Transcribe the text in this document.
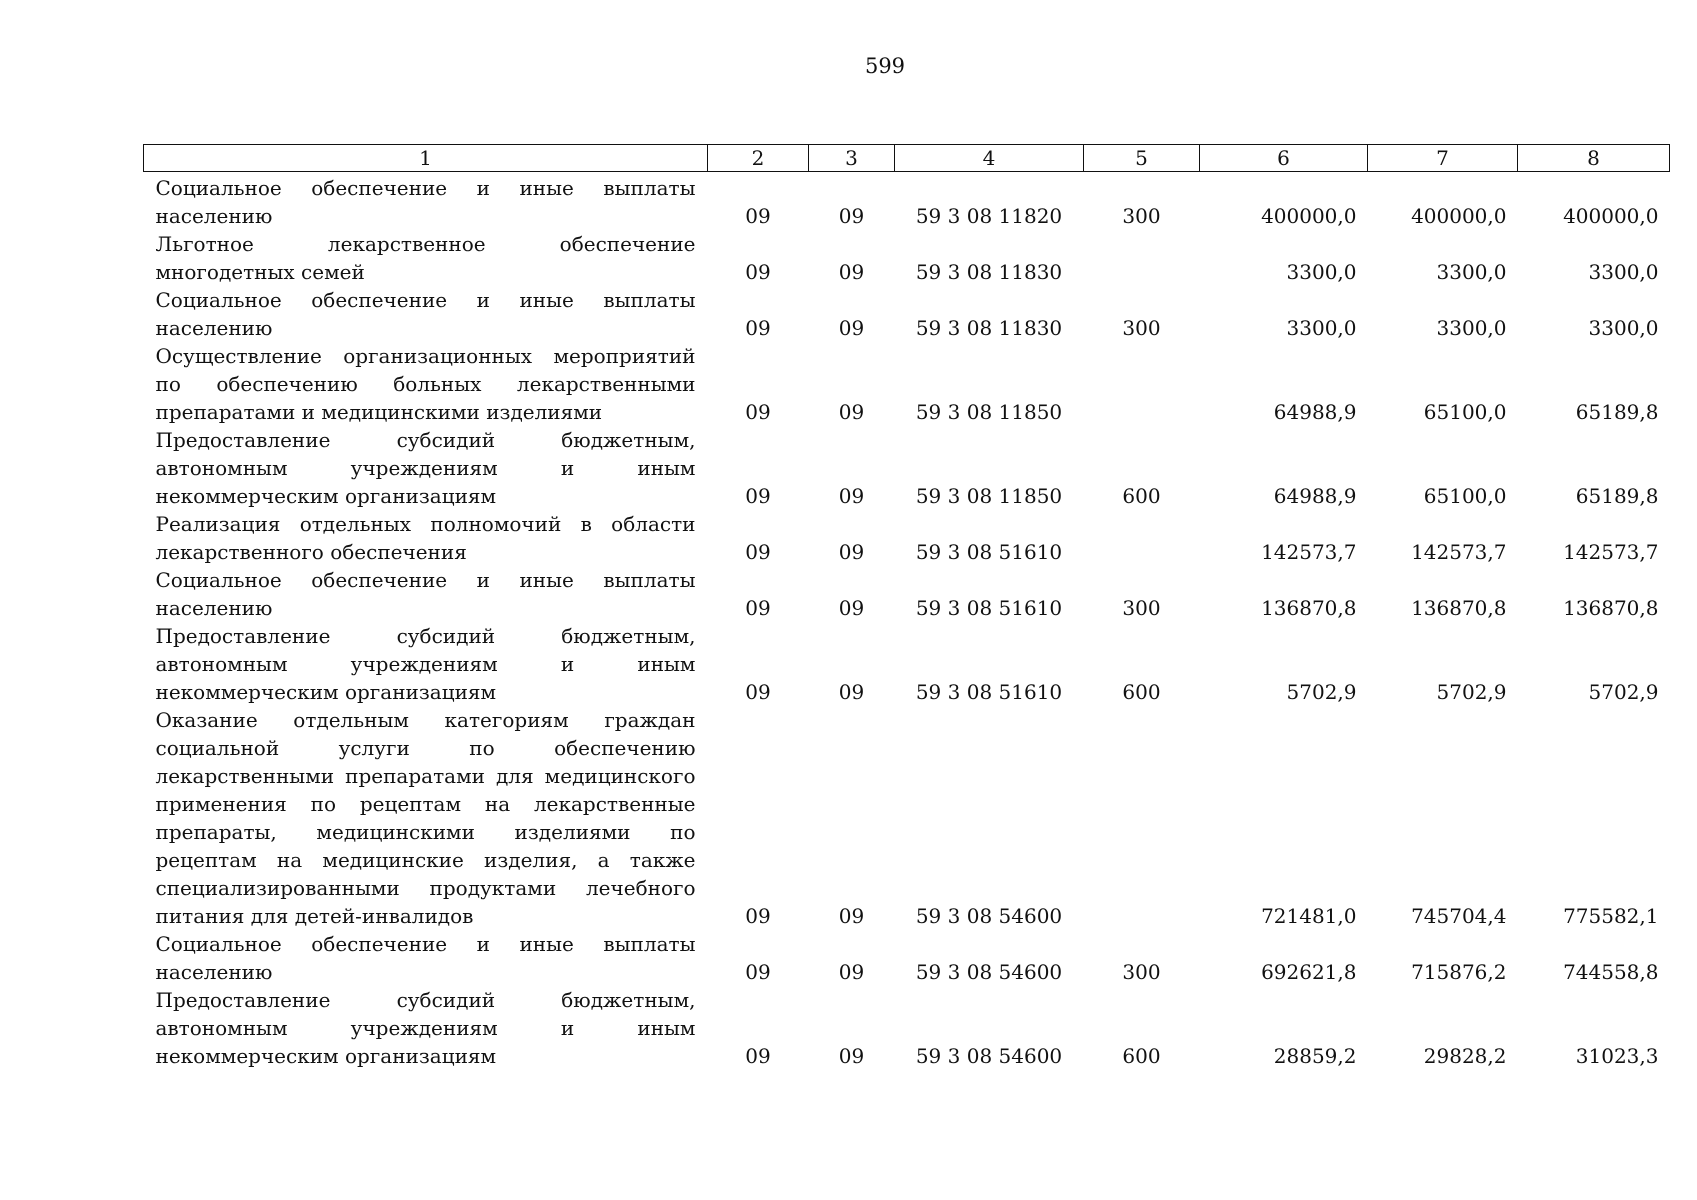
599
1	2	3	4	5	6	7	8
Социальное обеспечение и иные выплаты населению	09	09	59 3 08 11820	300	400000,0	400000,0	400000,0
Льготное лекарственное обеспечение многодетных семей	09	09	59 3 08 11830		3300,0	3300,0	3300,0
Социальное обеспечение и иные выплаты населению	09	09	59 3 08 11830	300	3300,0	3300,0	3300,0
Осуществление организационных мероприятий по обеспечению больных лекарственными препаратами и медицинскими изделиями	09	09	59 3 08 11850		64988,9	65100,0	65189,8
Предоставление субсидий бюджетным, автономным учреждениям и иным некоммерческим организациям	09	09	59 3 08 11850	600	64988,9	65100,0	65189,8
Реализация отдельных полномочий в области лекарственного обеспечения	09	09	59 3 08 51610		142573,7	142573,7	142573,7
Социальное обеспечение и иные выплаты населению	09	09	59 3 08 51610	300	136870,8	136870,8	136870,8
Предоставление субсидий бюджетным, автономным учреждениям и иным некоммерческим организациям	09	09	59 3 08 51610	600	5702,9	5702,9	5702,9
Оказание отдельным категориям граждан социальной услуги по обеспечению лекарственными препаратами для медицинского применения по рецептам на лекарственные препараты, медицинскими изделиями по рецептам на медицинские изделия, а также специализированными продуктами лечебного питания для детей-инвалидов	09	09	59 3 08 54600		721481,0	745704,4	775582,1
Социальное обеспечение и иные выплаты населению	09	09	59 3 08 54600	300	692621,8	715876,2	744558,8
Предоставление субсидий бюджетным, автономным учреждениям и иным некоммерческим организациям	09	09	59 3 08 54600	600	28859,2	29828,2	31023,3
